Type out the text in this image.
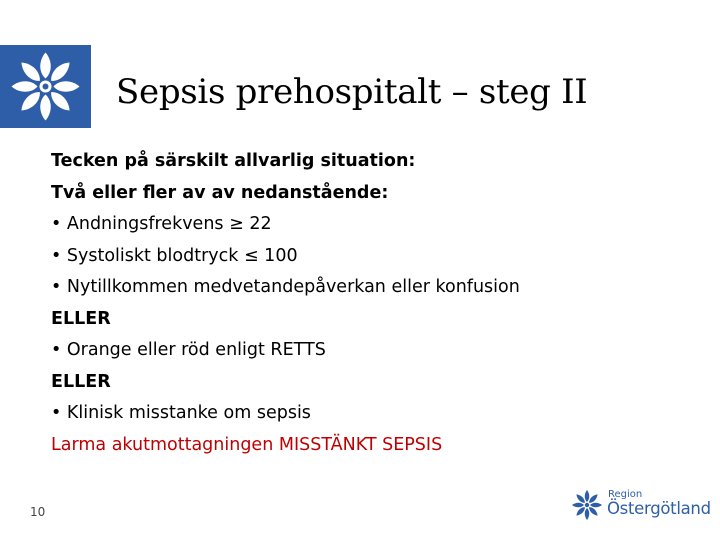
Sepsis prehospitalt – steg II
Tecken på särskilt allvarlig situation:
Två eller fler av av nedanstående:
• Andningsfrekvens ≥ 22
• Systoliskt blodtryck ≤ 100
• Nytillkommen medvetandepåverkan eller konfusion
ELLER
• Orange eller röd enligt RETTS
ELLER
• Klinisk misstanke om sepsis
Larma akutmottagningen MISSTÄNKT SEPSIS
10
Region
Östergötland
